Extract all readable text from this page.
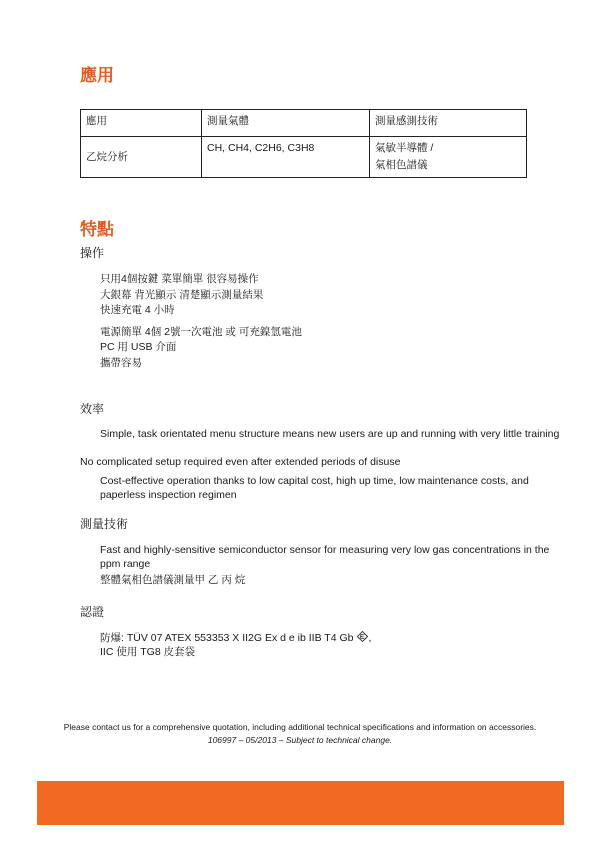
應用
應用	測量氣體	測量感測技術
乙烷分析	CH, CH4, C2H6, C3H8	氣敏半導體 /
氣相色譜儀
特點

操作

只用4個按鍵 菜單簡單 很容易操作
大銀幕 背光顯示 清楚顯示測量結果
快速充電 4 小時
電源簡單 4個 2號一次電池 或 可充鎳氫電池
PC 用 USB 介面
攜帶容易

效率

Simple, task orientated menu structure means new users are up and running with very little training

No complicated setup required even after extended periods of disuse

Cost-effective operation thanks to low capital cost, high up time, low maintenance costs, and paperless inspection regimen

測量技術

Fast and highly-sensitive semiconductor sensor for measuring very low gas concentrations in the ppm range

整體氣相色譜儀測量甲 乙 丙 烷

認證

防爆: TÜV 07 ATEX 553353 X II2G Ex d e ib IIB T4 Gb ,

IIC 使用 TG8 皮套袋

Please contact us for a comprehensive quotation, including additional technical specifications and information on accessories.

106997 – 05/2013 – Subject to technical change.
